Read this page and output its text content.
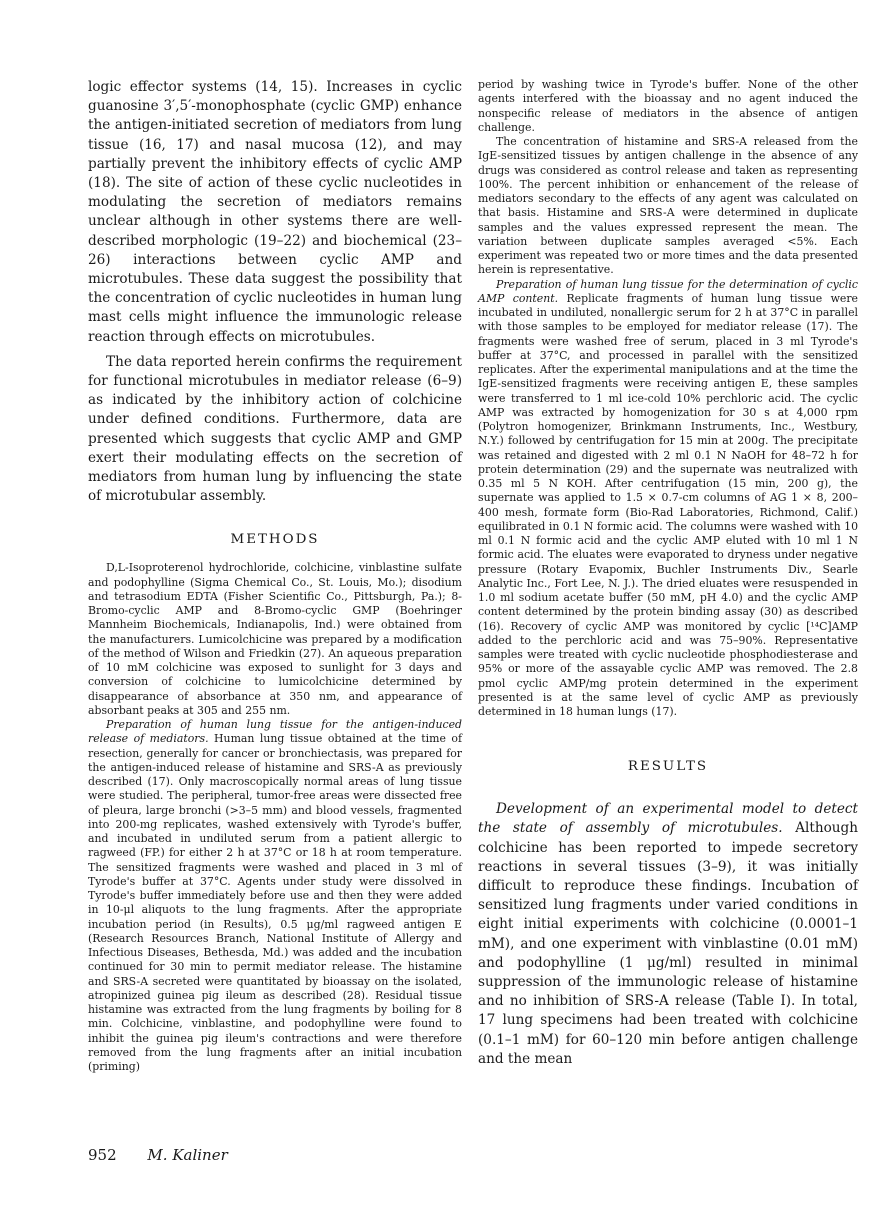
logic effector systems (14, 15). Increases in cyclic guanosine 3′,5′-monophosphate (cyclic GMP) enhance the antigen-initiated secretion of mediators from lung tissue (16, 17) and nasal mucosa (12), and may partially prevent the inhibitory effects of cyclic AMP (18). The site of action of these cyclic nucleotides in modulating the secretion of mediators remains unclear although in other systems there are well-described morphologic (19–22) and biochemical (23–26) interactions between cyclic AMP and microtubules. These data suggest the possibility that the concentration of cyclic nucleotides in human lung mast cells might influence the immunologic release reaction through effects on microtubules.

The data reported herein confirms the requirement for functional microtubules in mediator release (6–9) as indicated by the inhibitory action of colchicine under defined conditions. Furthermore, data are presented which suggests that cyclic AMP and GMP exert their modulating effects on the secretion of mediators from human lung by influencing the state of microtubular assembly.

METHODS

D,L-Isoproterenol hydrochloride, colchicine, vinblastine sulfate and podophylline (Sigma Chemical Co., St. Louis, Mo.); disodium and tetrasodium EDTA (Fisher Scientific Co., Pittsburgh, Pa.); 8-Bromo-cyclic AMP and 8-Bromo-cyclic GMP (Boehringer Mannheim Biochemicals, Indianapolis, Ind.) were obtained from the manufacturers. Lumicolchicine was prepared by a modification of the method of Wilson and Friedkin (27). An aqueous preparation of 10 mM colchicine was exposed to sunlight for 3 days and conversion of colchicine to lumicolchicine determined by disappearance of absorbance at 350 nm, and appearance of absorbant peaks at 305 and 255 nm.

Preparation of human lung tissue for the antigen-induced release of mediators. Human lung tissue obtained at the time of resection, generally for cancer or bronchiectasis, was prepared for the antigen-induced release of histamine and SRS-A as previously described (17). Only macroscopically normal areas of lung tissue were studied. The peripheral, tumor-free areas were dissected free of pleura, large bronchi (>3–5 mm) and blood vessels, fragmented into 200-mg replicates, washed extensively with Tyrode's buffer, and incubated in undiluted serum from a patient allergic to ragweed (FP.) for either 2 h at 37°C or 18 h at room temperature. The sensitized fragments were washed and placed in 3 ml of Tyrode's buffer at 37°C. Agents under study were dissolved in Tyrode's buffer immediately before use and then they were added in 10-μl aliquots to the lung fragments. After the appropriate incubation period (in Results), 0.5 μg/ml ragweed antigen E (Research Resources Branch, National Institute of Allergy and Infectious Diseases, Bethesda, Md.) was added and the incubation continued for 30 min to permit mediator release. The histamine and SRS-A secreted were quantitated by bioassay on the isolated, atropinized guinea pig ileum as described (28). Residual tissue histamine was extracted from the lung fragments by boiling for 8 min. Colchicine, vinblastine, and podophylline were found to inhibit the guinea pig ileum's contractions and were therefore removed from the lung fragments after an initial incubation (priming)

period by washing twice in Tyrode's buffer. None of the other agents interfered with the bioassay and no agent induced the nonspecific release of mediators in the absence of antigen challenge.

The concentration of histamine and SRS-A released from the IgE-sensitized tissues by antigen challenge in the absence of any drugs was considered as control release and taken as representing 100%. The percent inhibition or enhancement of the release of mediators secondary to the effects of any agent was calculated on that basis. Histamine and SRS-A were determined in duplicate samples and the values expressed represent the mean. The variation between duplicate samples averaged <5%. Each experiment was repeated two or more times and the data presented herein is representative.

Preparation of human lung tissue for the determination of cyclic AMP content. Replicate fragments of human lung tissue were incubated in undiluted, nonallergic serum for 2 h at 37°C in parallel with those samples to be employed for mediator release (17). The fragments were washed free of serum, placed in 3 ml Tyrode's buffer at 37°C, and processed in parallel with the sensitized replicates. After the experimental manipulations and at the time the IgE-sensitized fragments were receiving antigen E, these samples were transferred to 1 ml ice-cold 10% perchloric acid. The cyclic AMP was extracted by homogenization for 30 s at 4,000 rpm (Polytron homogenizer, Brinkmann Instruments, Inc., Westbury, N.Y.) followed by centrifugation for 15 min at 200g. The precipitate was retained and digested with 2 ml 0.1 N NaOH for 48–72 h for protein determination (29) and the supernate was neutralized with 0.35 ml 5 N KOH. After centrifugation (15 min, 200 g), the supernate was applied to 1.5 × 0.7-cm columns of AG 1 × 8, 200–400 mesh, formate form (Bio-Rad Laboratories, Richmond, Calif.) equilibrated in 0.1 N formic acid. The columns were washed with 10 ml 0.1 N formic acid and the cyclic AMP eluted with 10 ml 1 N formic acid. The eluates were evaporated to dryness under negative pressure (Rotary Evapomix, Buchler Instruments Div., Searle Analytic Inc., Fort Lee, N. J.). The dried eluates were resuspended in 1.0 ml sodium acetate buffer (50 mM, pH 4.0) and the cyclic AMP content determined by the protein binding assay (30) as described (16). Recovery of cyclic AMP was monitored by cyclic [¹⁴C]AMP added to the perchloric acid and was 75–90%. Representative samples were treated with cyclic nucleotide phosphodiesterase and 95% or more of the assayable cyclic AMP was removed. The 2.8 pmol cyclic AMP/mg protein determined in the experiment presented is at the same level of cyclic AMP as previously determined in 18 human lungs (17).

RESULTS

Development of an experimental model to detect the state of assembly of microtubules. Although colchicine has been reported to impede secretory reactions in several tissues (3–9), it was initially difficult to reproduce these findings. Incubation of sensitized lung fragments under varied conditions in eight initial experiments with colchicine (0.0001–1 mM), and one experiment with vinblastine (0.01 mM) and podophylline (1 μg/ml) resulted in minimal suppression of the immunologic release of histamine and no inhibition of SRS-A release (Table I). In total, 17 lung specimens had been treated with colchicine (0.1–1 mM) for 60–120 min before antigen challenge and the mean

952 M. Kaliner
